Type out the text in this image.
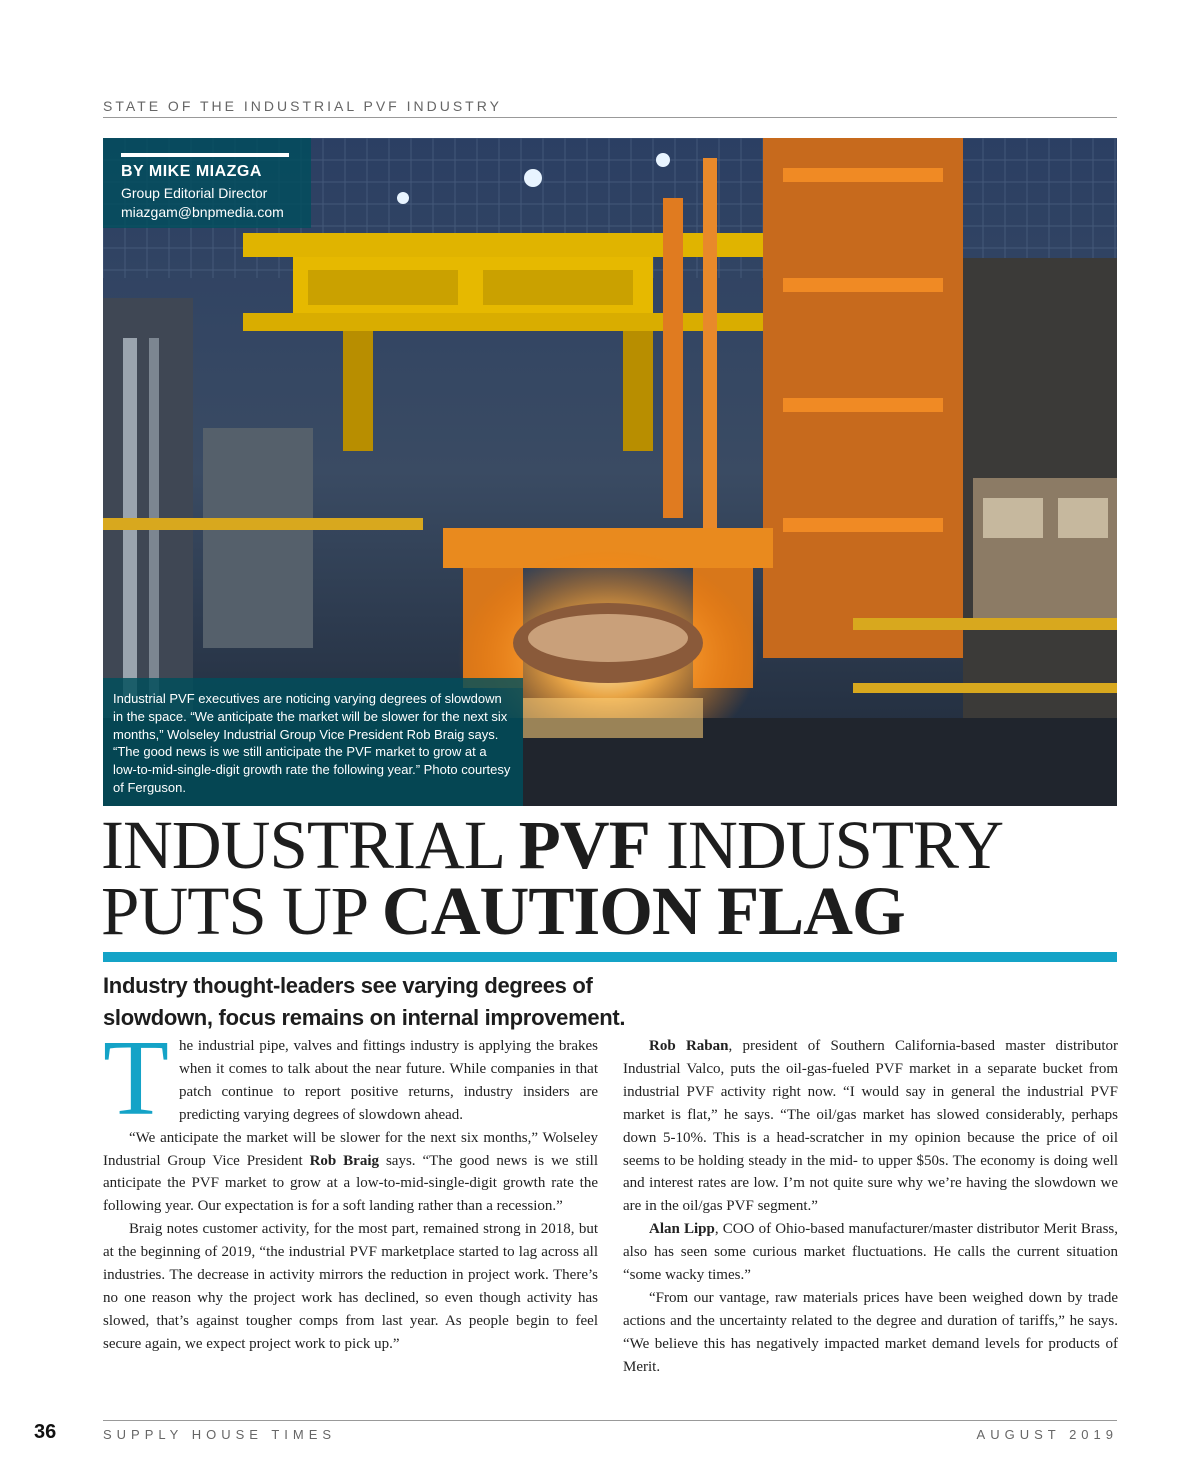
STATE OF THE INDUSTRIAL PVF INDUSTRY
BY MIKE MIAZGA
Group Editorial Director
miazgam@bnpmedia.com
Industrial PVF executives are noticing varying degrees of slowdown in the space. “We anticipate the market will be slower for the next six months,” Wolseley Industrial Group Vice President Rob Braig says. “The good news is we still anticipate the PVF market to grow at a low-to-mid-single-digit growth rate the following year.” Photo courtesy of Ferguson.
INDUSTRIAL PVF INDUSTRY
PUTS UP CAUTION FLAG
Industry thought-leaders see varying degrees of slowdown, focus remains on internal improvement.

The industrial pipe, valves and fittings industry is applying the brakes when it comes to talk about the near future. While companies in that patch continue to report positive returns, industry insiders are predicting varying degrees of slowdown ahead.

“We anticipate the market will be slower for the next six months,” Wolseley Industrial Group Vice President Rob Braig says. “The good news is we still anticipate the PVF market to grow at a low-to-mid-single-digit growth rate the following year. Our expectation is for a soft landing rather than a recession.”

Braig notes customer activity, for the most part, remained strong in 2018, but at the beginning of 2019, “the industrial PVF marketplace started to lag across all industries. The decrease in activity mirrors the reduction in project work. There’s no one reason why the project work has declined, so even though activity has slowed, that’s against tougher comps from last year. As people begin to feel secure again, we expect project work to pick up.”

Rob Raban, president of Southern California-based master distributor Industrial Valco, puts the oil-gas-fueled PVF market in a separate bucket from industrial PVF activity right now. “I would say in general the industrial PVF market is flat,” he says. “The oil/gas market has slowed considerably, perhaps down 5-10%. This is a head-scratcher in my opinion because the price of oil seems to be holding steady in the mid- to upper $50s. The economy is doing well and interest rates are low. I’m not quite sure why we’re having the slowdown we are in the oil/gas PVF segment.”

Alan Lipp, COO of Ohio-based manufacturer/master distributor Merit Brass, also has seen some curious market fluctuations. He calls the current situation “some wacky times.”

“From our vantage, raw materials prices have been weighed down by trade actions and the uncertainty related to the degree and duration of tariffs,” he says. “We believe this has negatively impacted market demand levels for products of Merit.

36	SUPPLY HOUSE TIMES	AUGUST 2019
